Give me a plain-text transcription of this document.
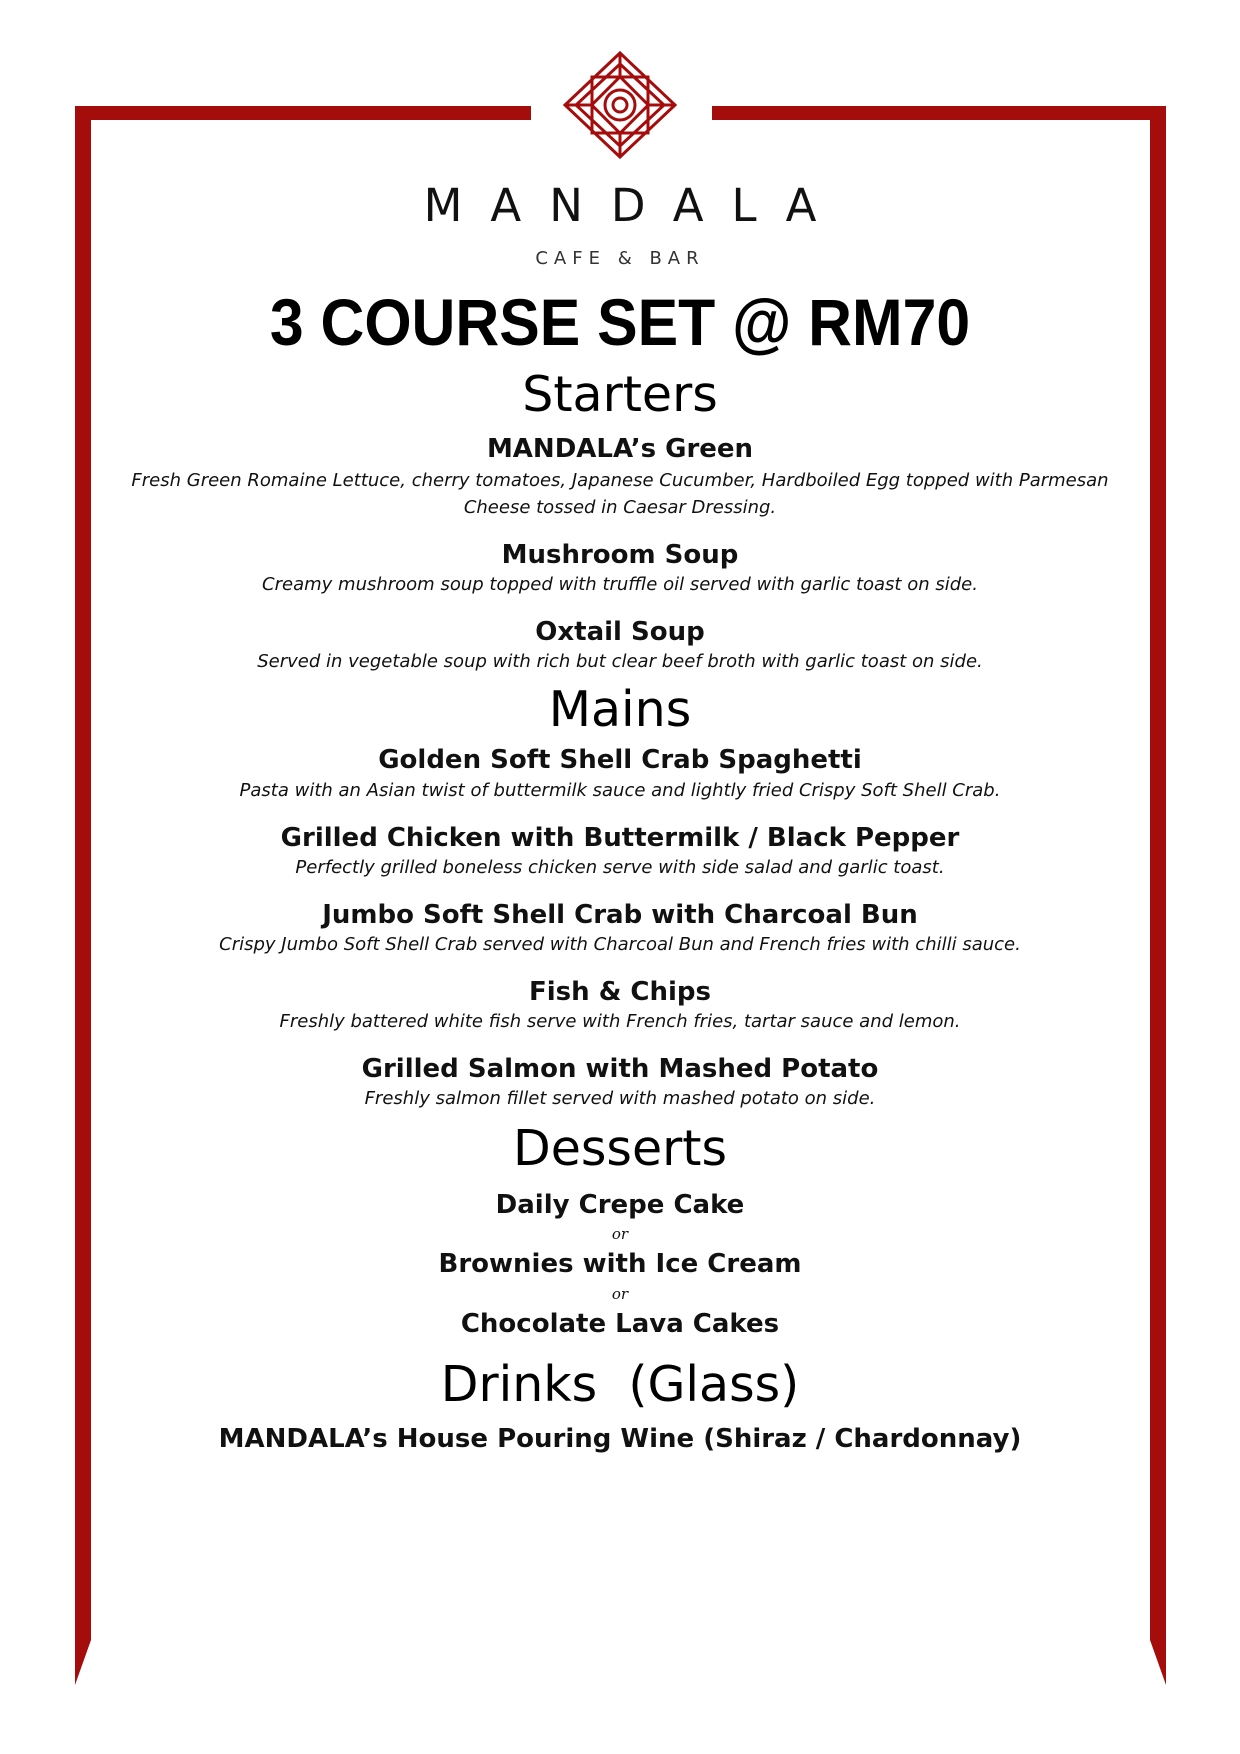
MANDALA
CAFE & BAR
3 COURSE SET @ RM70
Starters

MANDALA’s Green

Fresh Green Romaine Lettuce, cherry tomatoes, Japanese Cucumber, Hardboiled Egg topped with Parmesan

Cheese tossed in Caesar Dressing.

Mushroom Soup

Creamy mushroom soup topped with truffle oil served with garlic toast on side.

Oxtail Soup

Served in vegetable soup with rich but clear beef broth with garlic toast on side.

Mains

Golden Soft Shell Crab Spaghetti

Pasta with an Asian twist of buttermilk sauce and lightly fried Crispy Soft Shell Crab.

Grilled Chicken with Buttermilk / Black Pepper

Perfectly grilled boneless chicken serve with side salad and garlic toast.

Jumbo Soft Shell Crab with Charcoal Bun

Crispy Jumbo Soft Shell Crab served with Charcoal Bun and French fries with chilli sauce.

Fish & Chips

Freshly battered white fish serve with French fries, tartar sauce and lemon.

Grilled Salmon with Mashed Potato

Freshly salmon fillet served with mashed potato on side.

Desserts

Daily Crepe Cake

or

Brownies with Ice Cream

or

Chocolate Lava Cakes

Drinks  (Glass)

MANDALA’s House Pouring Wine (Shiraz / Chardonnay)
